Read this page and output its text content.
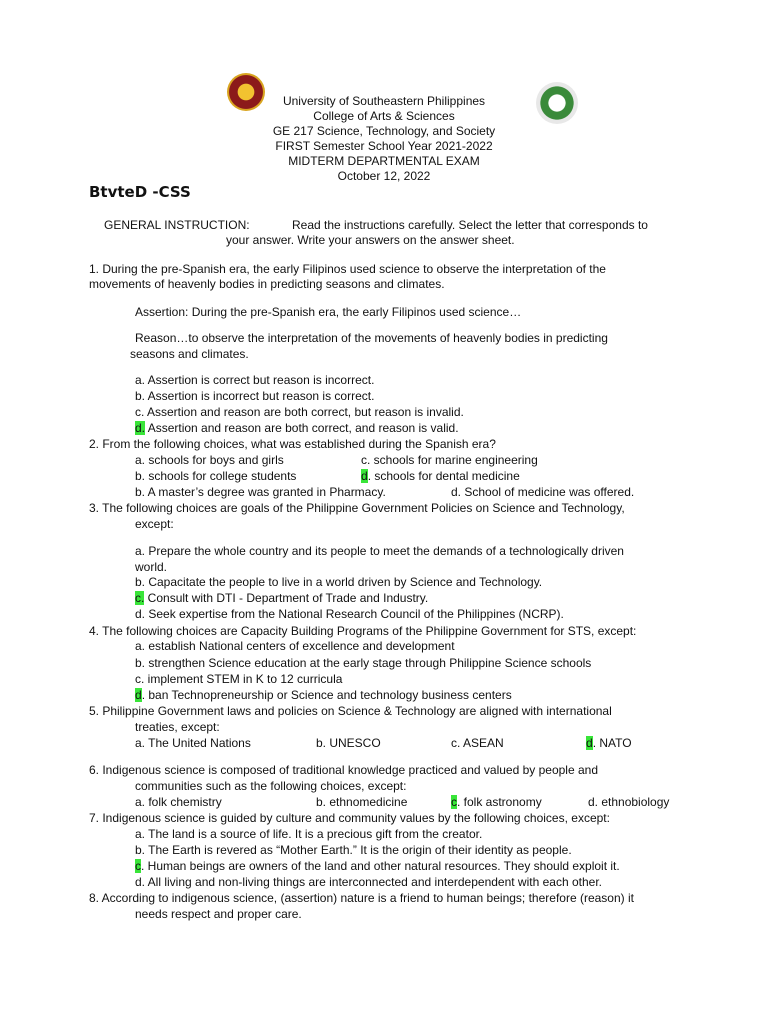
University of Southeastern Philippines
College of Arts & Sciences
GE 217 Science, Technology, and Society
FIRST Semester School Year 2021-2022
MIDTERM DEPARTMENTAL EXAM
October 12, 2022
BtvteD -CSS
GENERAL INSTRUCTION:	Read the instructions carefully. Select the letter that corresponds to
your answer. Write your answers on the answer sheet.
1. During the pre-Spanish era, the early Filipinos used science to observe the interpretation of the
movements of heavenly bodies in predicting seasons and climates.
Assertion: During the pre-Spanish era, the early Filipinos used science…
Reason…to observe the interpretation of the movements of heavenly bodies in predicting
seasons and climates.
a. Assertion is correct but reason is incorrect.
b. Assertion is incorrect but reason is correct.
c. Assertion and reason are both correct, but reason is invalid.
d. Assertion and reason are both correct, and reason is valid.
2. From the following choices, what was established during the Spanish era?
a. schools for boys and girls	c. schools for marine engineering
b. schools for college students	d. schools for dental medicine
b. A master’s degree was granted in Pharmacy.	d. School of medicine was offered.
3. The following choices are goals of the Philippine Government Policies on Science and Technology,
except:
a. Prepare the whole country and its people to meet the demands of a technologically driven
world.
b. Capacitate the people to live in a world driven by Science and Technology.
c. Consult with DTI - Department of Trade and Industry.
d. Seek expertise from the National Research Council of the Philippines (NCRP).
4. The following choices are Capacity Building Programs of the Philippine Government for STS, except:
a. establish National centers of excellence and development
b. strengthen Science education at the early stage through Philippine Science schools
c. implement STEM in K to 12 curricula
d. ban Technopreneurship or Science and technology business centers
5. Philippine Government laws and policies on Science & Technology are aligned with international
treaties, except:
a. The United Nations	b. UNESCO	c. ASEAN	d. NATO
6. Indigenous science is composed of traditional knowledge practiced and valued by people and
communities such as the following choices, except:
a. folk chemistry	b. ethnomedicine	c. folk astronomy	d. ethnobiology
7. Indigenous science is guided by culture and community values by the following choices, except:
a. The land is a source of life. It is a precious gift from the creator.
b. The Earth is revered as “Mother Earth.” It is the origin of their identity as people.
c. Human beings are owners of the land and other natural resources. They should exploit it.
d. All living and non-living things are interconnected and interdependent with each other.
8. According to indigenous science, (assertion) nature is a friend to human beings; therefore (reason) it
needs respect and proper care.
